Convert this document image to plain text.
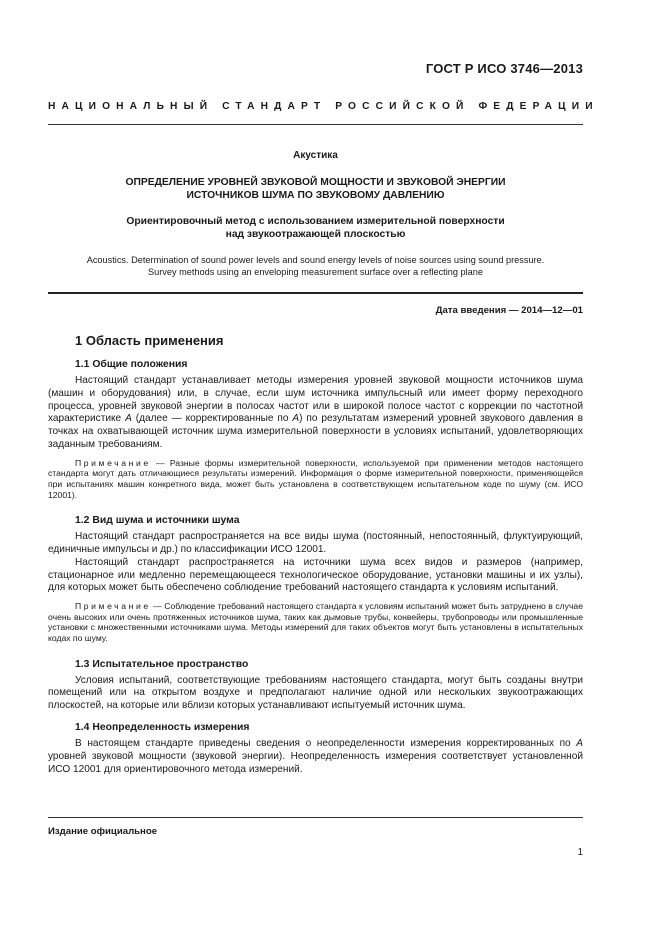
ГОСТ Р ИСО 3746—2013
НАЦИОНАЛЬНЫЙ СТАНДАРТ РОССИЙСКОЙ ФЕДЕРАЦИИ
Акустика
ОПРЕДЕЛЕНИЕ УРОВНЕЙ ЗВУКОВОЙ МОЩНОСТИ И ЗВУКОВОЙ ЭНЕРГИИ
ИСТОЧНИКОВ ШУМА ПО ЗВУКОВОМУ ДАВЛЕНИЮ
Ориентировочный метод с использованием измерительной поверхности
над звукоотражающей плоскостью
Acoustics. Determination of sound power levels and sound energy levels of noise sources using sound pressure.
Survey methods using an enveloping measurement surface over a reflecting plane
Дата введения — 2014—12—01
1 Область применения
1.1 Общие положения

Настоящий стандарт устанавливает методы измерения уровней звуковой мощности источников шума (машин и оборудования) или, в случае, если шум источника импульсный или имеет форму переходного процесса, уровней звуковой энергии в полосах частот или в широкой полосе частот с коррекции по частотной характеристике A (далее — корректированные по A) по результатам измерений уровней звукового давления в точках на охватывающей источник шума измерительной поверхности в условиях испытаний, удовлетворяющих заданным требованиям.

Примечание — Разные формы измерительной поверхности, используемой при применении методов настоящего стандарта могут дать отличающиеся результаты измерений. Информация о форме измерительной поверхности, применяющейся при испытаниях машин конкретного вида, может быть установлена в соответствующем испытательном коде по шуму (см. ИСО 12001).

1.2 Вид шума и источники шума

Настоящий стандарт распространяется на все виды шума (постоянный, непостоянный, флуктуирующий, единичные импульсы и др.) по классификации ИСО 12001.

Настоящий стандарт распространяется на источники шума всех видов и размеров (например, стационарное или медленно перемещающееся технологическое оборудование, установки машины и их узлы), для которых может быть обеспечено соблюдение требований настоящего стандарта к условиям испытаний.

Примечание — Соблюдение требований настоящего стандарта к условиям испытаний может быть затруднено в случае очень высоких или очень протяженных источников шума, таких как дымовые трубы, конвейеры, трубопроводы или промышленные установки с множественными источниками шума. Методы измерений для таких объектов могут быть установлены в испытательных кодах по шуму.

1.3 Испытательное пространство

Условия испытаний, соответствующие требованиям настоящего стандарта, могут быть созданы внутри помещений или на открытом воздухе и предполагают наличие одной или нескольких звукоотражающих плоскостей, на которые или вблизи которых устанавливают испытуемый источник шума.

1.4 Неопределенность измерения

В настоящем стандарте приведены сведения о неопределенности измерения корректированных по A уровней звуковой мощности (звуковой энергии). Неопределенность измерения соответствует установленной ИСО 12001 для ориентировочного метода измерений.

Издание официальное
1
